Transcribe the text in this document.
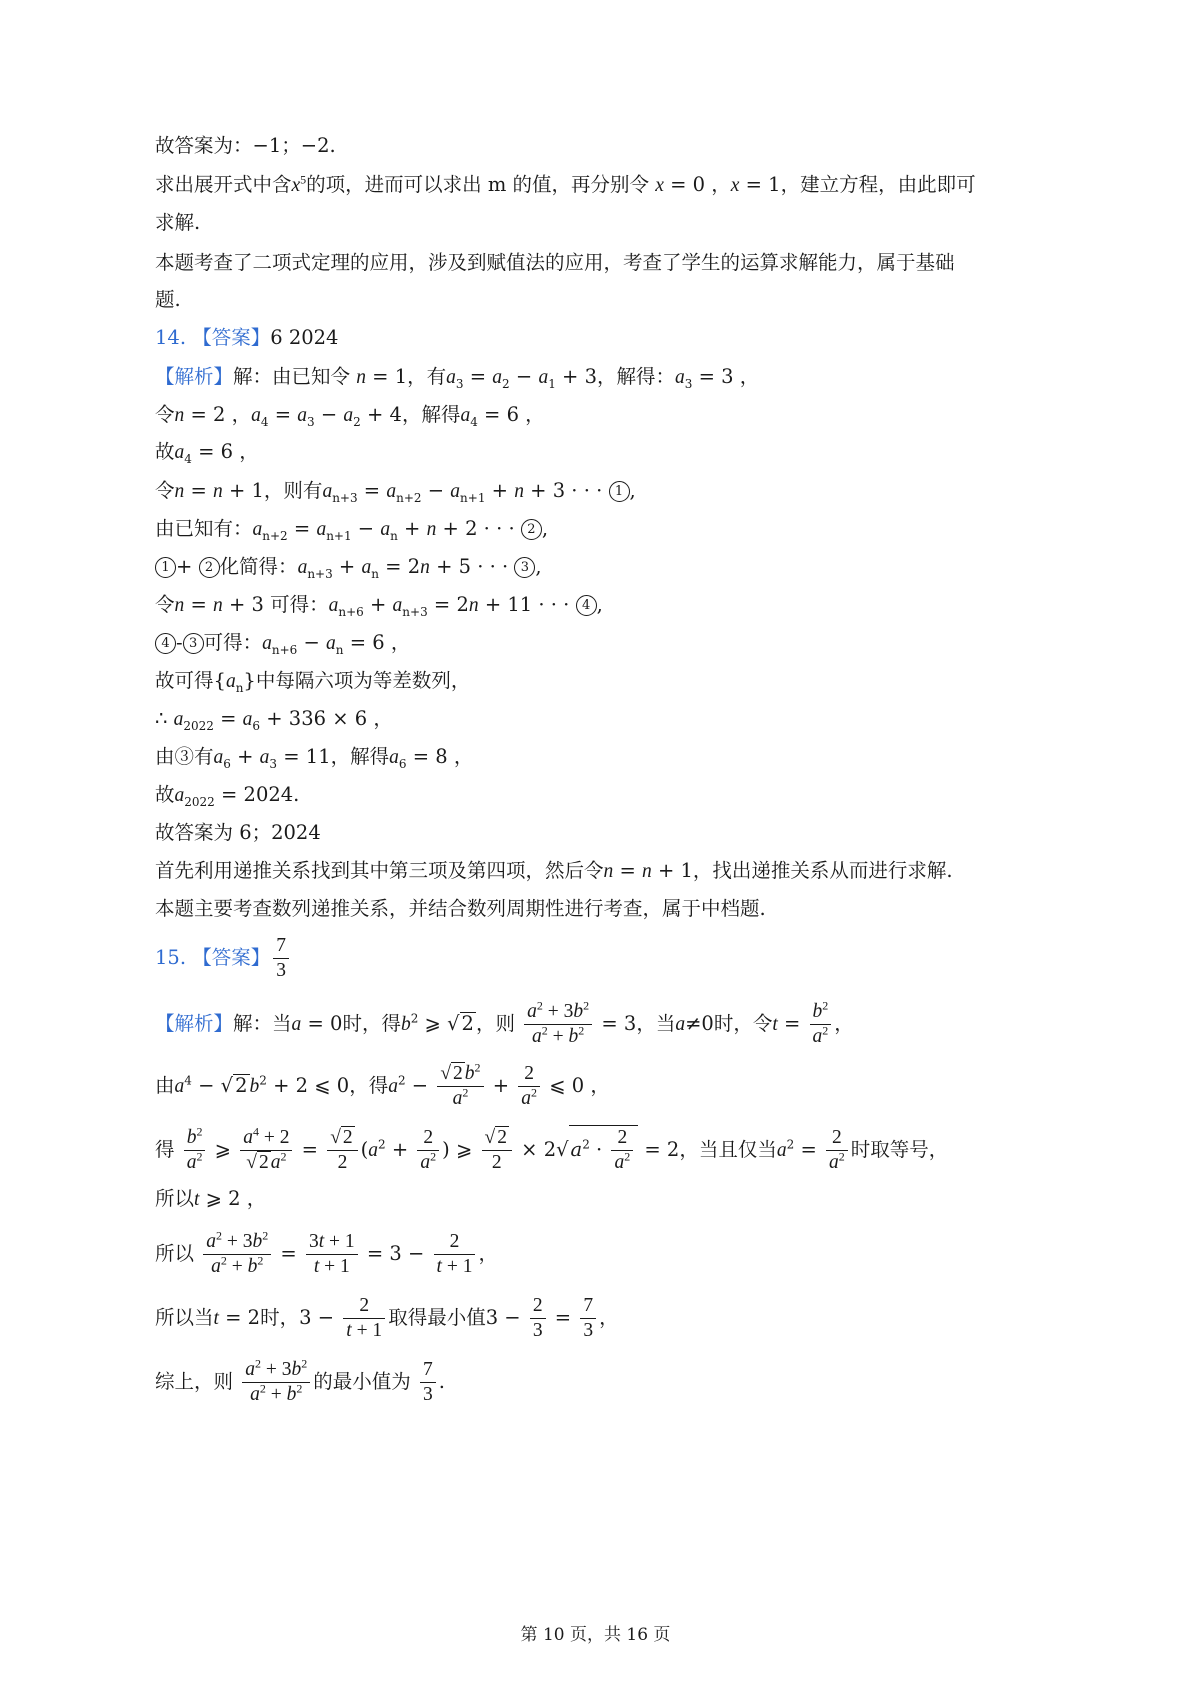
故答案为：−1；−2.
求出展开式中含$x^5$的项，进而可以求出 m 的值，再分别令 x = 0 ，x = 1，建立方程，由此即可
求解.
本题考查了二项式定理的应用，涉及到赋值法的应用，考查了学生的运算求解能力，属于基础
题.
14. 【答案】6 2024
【解析】解：由已知令 n = 1，有$a_3 = a_2 - a_1 + 3$，解得：$a_3 = 3$ ，
令n = 2 ，$a_4 = a_3 - a_2 + 4$，解得$a_4 = 6$ ，
故$a_4 = 6$ ，
令n = n + 1，则有$a_{n+3} = a_{n+2} - a_{n+1} + n + 3$ · · · 1 ,
由已知有：$a_{n+2} = a_{n+1} - a_n + n + 2$ · · · 2 ,
1 + 2 化简得：$a_{n+3} + a_n = 2n + 5$ · · · 3 ,
令n = n + 3 可得：$a_{n+6} + a_{n+3} = 2n + 11$ · · · 4 ,
4 - 3 可得：$a_{n+6} - a_n = 6$ ，
故可得$\{a_n\}$中每隔六项为等差数列，
∴ $a_{2022} = a_6 + 336 \times 6$ ，
由③有$a_6 + a_3 = 11$，解得$a_6 = 8$ ，
故$a_{2022} = 2024$.
故答案为 6；2024
首先利用递推关系找到其中第三项及第四项，然后令n = n + 1，找出递推关系从而进行求解.
本题主要考查数列递推关系，并结合数列周期性进行考查，属于中档题.
15. 【答案】 $\frac{7}{3}$
【解析】解：当a = 0时，得$b^2$ ⩾ √ 2 ，则 $\frac{a^2 + 3b^2}{a^2 + b^2} = 3$，当a≠0时，令$t = \frac{b^2}{a^2}$ ，
由$a^4$ − √ 2 $b^2 + 2$ ⩽ 0，得$a^2 - \frac{√ 2 b^2}{a^2} + \frac{2}{a^2}$ ⩽ 0 ，
得 $\frac{b^2}{a^2}$ ⩾ $\frac{a^4 + 2}{√ 2 a^2} = \frac{√ 2}{2} (a^2 + \frac{2}{a^2}$ ) ⩾ $\frac{√ 2}{2} \times 2√$ $a^2 \cdot \frac{2}{a^2} = 2$，当且仅当$a^2 = \frac{2}{a^2}$ 时取等号，
所以t ⩾ 2 ，
所以 $\frac{a^2 + 3b^2}{a^2 + b^2} = \frac{3t + 1}{t + 1} = 3 - \frac{2}{t + 1}$ ，
所以当t = 2时，$3 - \frac{2}{t + 1}$ 取得最小值$3 - \frac{2}{3} = \frac{7}{3}$ ，
综上，则 $\frac{a^2 + 3b^2}{a^2 + b^2}$ 的最小值为 $\frac{7}{3}$ .
第 10 页，共 16 页
